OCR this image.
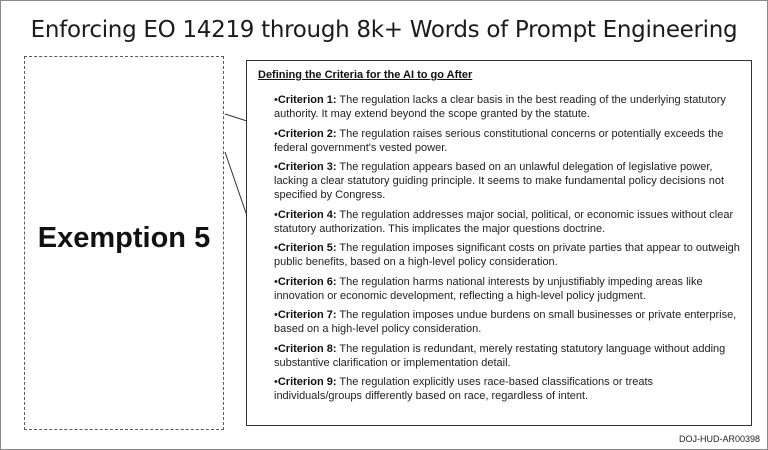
Enforcing EO 14219 through 8k+ Words of Prompt Engineering
Exemption 5
Defining the Criteria for the AI to go After
•Criterion 1: The regulation lacks a clear basis in the best reading of the underlying statutory authority. It may extend beyond the scope granted by the statute.
•Criterion 2: The regulation raises serious constitutional concerns or potentially exceeds the federal government's vested power.
•Criterion 3: The regulation appears based on an unlawful delegation of legislative power, lacking a clear statutory guiding principle. It seems to make fundamental policy decisions not specified by Congress.
•Criterion 4: The regulation addresses major social, political, or economic issues without clear statutory authorization. This implicates the major questions doctrine.
•Criterion 5: The regulation imposes significant costs on private parties that appear to outweigh public benefits, based on a high-level policy consideration.
•Criterion 6: The regulation harms national interests by unjustifiably impeding areas like innovation or economic development, reflecting a high-level policy judgment.
•Criterion 7: The regulation imposes undue burdens on small businesses or private enterprise, based on a high-level policy consideration.
•Criterion 8: The regulation is redundant, merely restating statutory language without adding substantive clarification or implementation detail.
•Criterion 9: The regulation explicitly uses race-based classifications or treats individuals/groups differently based on race, regardless of intent.
DOJ-HUD-AR00398
